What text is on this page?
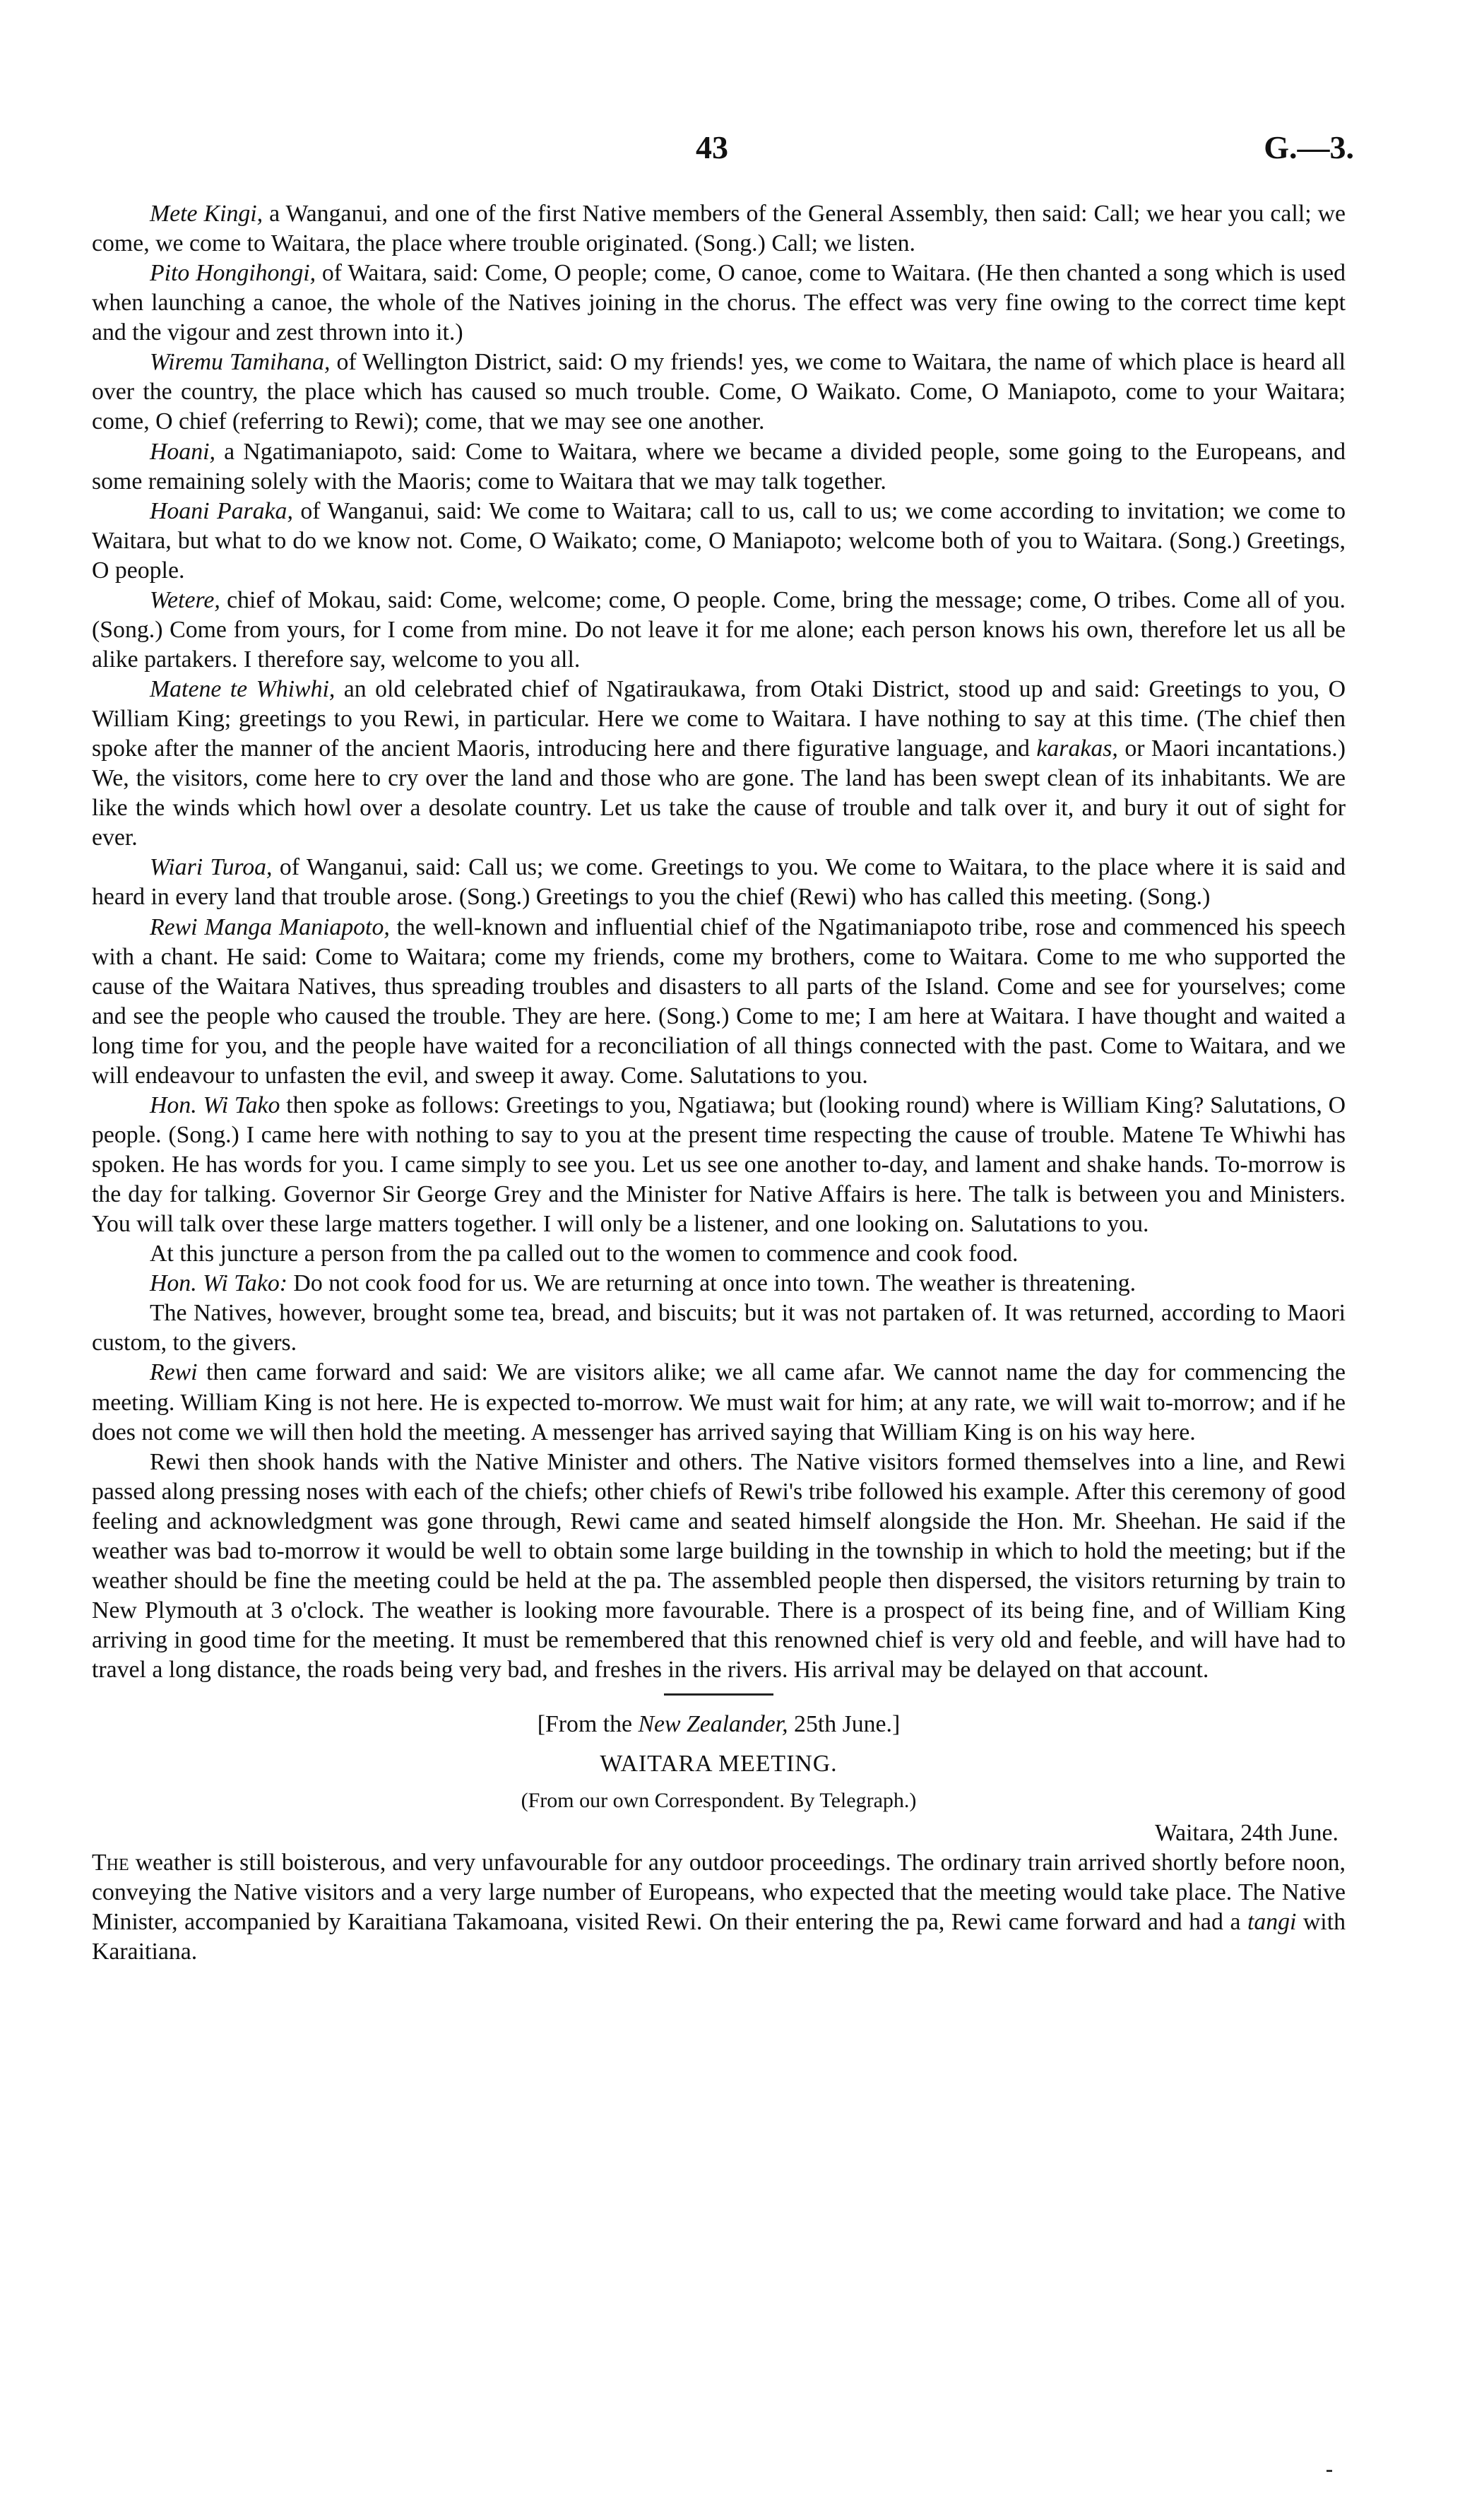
43	G.—3.

Mete Kingi, a Wanganui, and one of the first Native members of the General Assembly, then said: Call; we hear you call; we come, we come to Waitara, the place where trouble originated. (Song.) Call; we listen.

Pito Hongihongi, of Waitara, said: Come, O people; come, O canoe, come to Waitara. (He then chanted a song which is used when launching a canoe, the whole of the Natives joining in the chorus. The effect was very fine owing to the correct time kept and the vigour and zest thrown into it.)

Wiremu Tamihana, of Wellington District, said: O my friends! yes, we come to Waitara, the name of which place is heard all over the country, the place which has caused so much trouble. Come, O Waikato. Come, O Maniapoto, come to your Waitara; come, O chief (referring to Rewi); come, that we may see one another.

Hoani, a Ngatimaniapoto, said: Come to Waitara, where we became a divided people, some going to the Europeans, and some remaining solely with the Maoris; come to Waitara that we may talk together.

Hoani Paraka, of Wanganui, said: We come to Waitara; call to us, call to us; we come according to invitation; we come to Waitara, but what to do we know not. Come, O Waikato; come, O Maniapoto; welcome both of you to Waitara. (Song.) Greetings, O people.

Wetere, chief of Mokau, said: Come, welcome; come, O people. Come, bring the message; come, O tribes. Come all of you. (Song.) Come from yours, for I come from mine. Do not leave it for me alone; each person knows his own, therefore let us all be alike partakers. I therefore say, welcome to you all.

Matene te Whiwhi, an old celebrated chief of Ngatiraukawa, from Otaki District, stood up and said: Greetings to you, O William King; greetings to you Rewi, in particular. Here we come to Waitara. I have nothing to say at this time. (The chief then spoke after the manner of the ancient Maoris, introducing here and there figurative language, and karakas, or Maori incantations.) We, the visitors, come here to cry over the land and those who are gone. The land has been swept clean of its inhabitants. We are like the winds which howl over a desolate country. Let us take the cause of trouble and talk over it, and bury it out of sight for ever.

Wiari Turoa, of Wanganui, said: Call us; we come. Greetings to you. We come to Waitara, to the place where it is said and heard in every land that trouble arose. (Song.) Greetings to you the chief (Rewi) who has called this meeting. (Song.)

Rewi Manga Maniapoto, the well-known and influential chief of the Ngatimaniapoto tribe, rose and commenced his speech with a chant. He said: Come to Waitara; come my friends, come my brothers, come to Waitara. Come to me who supported the cause of the Waitara Natives, thus spreading troubles and disasters to all parts of the Island. Come and see for yourselves; come and see the people who caused the trouble. They are here. (Song.) Come to me; I am here at Waitara. I have thought and waited a long time for you, and the people have waited for a reconciliation of all things connected with the past. Come to Waitara, and we will endeavour to unfasten the evil, and sweep it away. Come. Salutations to you.

Hon. Wi Tako then spoke as follows: Greetings to you, Ngatiawa; but (looking round) where is William King? Salutations, O people. (Song.) I came here with nothing to say to you at the present time respecting the cause of trouble. Matene Te Whiwhi has spoken. He has words for you. I came simply to see you. Let us see one another to-day, and lament and shake hands. To-morrow is the day for talking. Governor Sir George Grey and the Minister for Native Affairs is here. The talk is between you and Ministers. You will talk over these large matters together. I will only be a listener, and one looking on. Salutations to you.

At this juncture a person from the pa called out to the women to commence and cook food.

Hon. Wi Tako: Do not cook food for us. We are returning at once into town. The weather is threatening.

The Natives, however, brought some tea, bread, and biscuits; but it was not partaken of. It was returned, according to Maori custom, to the givers.

Rewi then came forward and said: We are visitors alike; we all came afar. We cannot name the day for commencing the meeting. William King is not here. He is expected to-morrow. We must wait for him; at any rate, we will wait to-morrow; and if he does not come we will then hold the meeting. A messenger has arrived saying that William King is on his way here.

Rewi then shook hands with the Native Minister and others. The Native visitors formed themselves into a line, and Rewi passed along pressing noses with each of the chiefs; other chiefs of Rewi's tribe followed his example. After this ceremony of good feeling and acknowledgment was gone through, Rewi came and seated himself alongside the Hon. Mr. Sheehan. He said if the weather was bad to-morrow it would be well to obtain some large building in the township in which to hold the meeting; but if the weather should be fine the meeting could be held at the pa. The assembled people then dispersed, the visitors returning by train to New Plymouth at 3 o'clock. The weather is looking more favourable. There is a prospect of its being fine, and of William King arriving in good time for the meeting. It must be remembered that this renowned chief is very old and feeble, and will have had to travel a long distance, the roads being very bad, and freshes in the rivers. His arrival may be delayed on that account.

[From the New Zealander, 25th June.]

WAITARA MEETING.

(From our own Correspondent. By Telegraph.)

Waitara, 24th June.

The weather is still boisterous, and very unfavourable for any outdoor proceedings. The ordinary train arrived shortly before noon, conveying the Native visitors and a very large number of Europeans, who expected that the meeting would take place. The Native Minister, accompanied by Karaitiana Takamoana, visited Rewi. On their entering the pa, Rewi came forward and had a tangi with Karaitiana.
